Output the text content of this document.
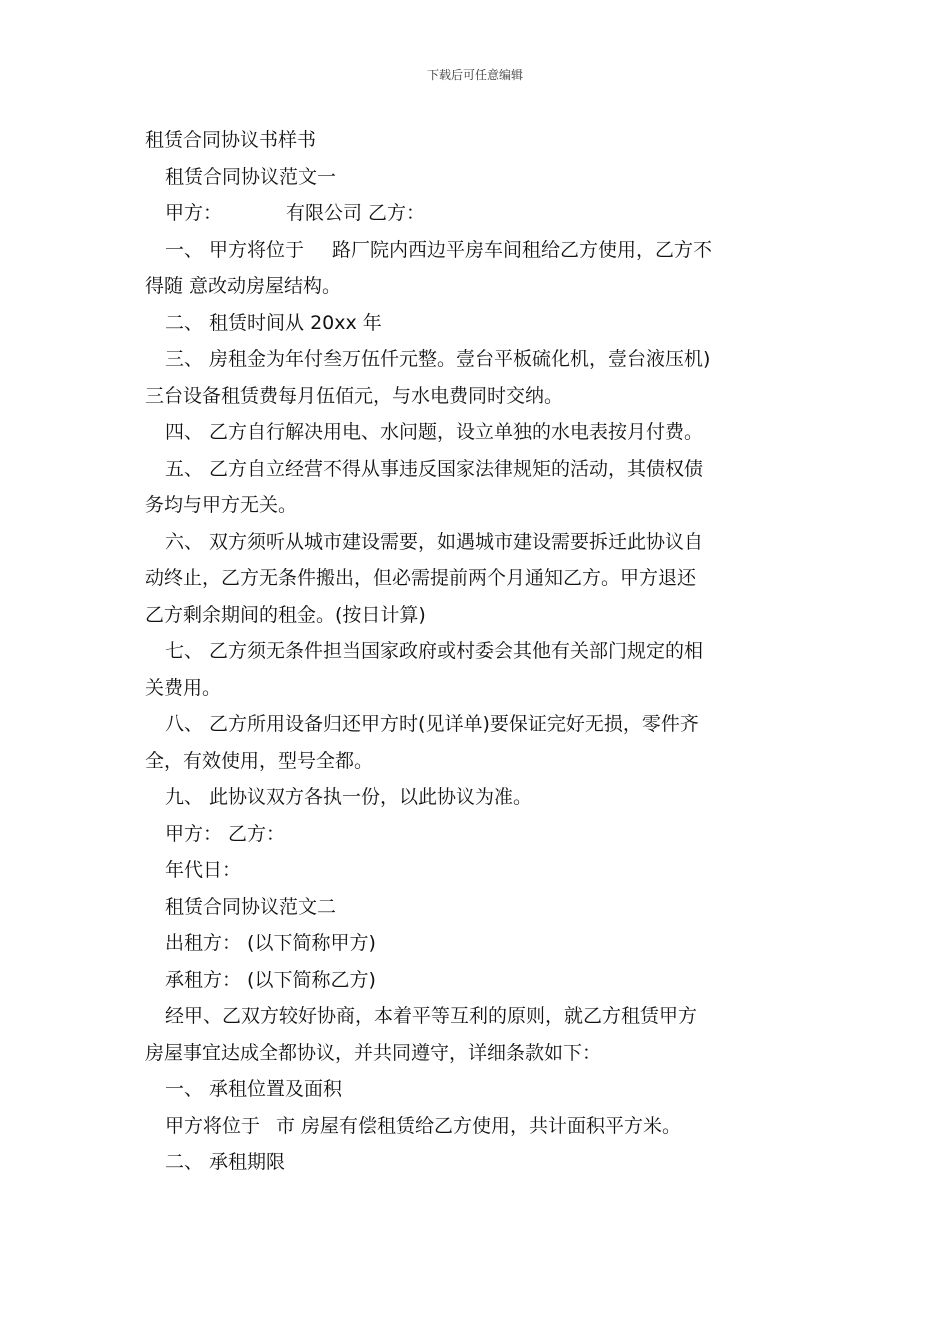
下载后可任意编辑
租赁合同协议书样书
租赁合同协议范文一
甲方：	有限公司 乙方：
一、 甲方将位于 路厂院内西边平房车间租给乙方使用，乙方不
得随 意改动房屋结构。
二、 租赁时间从 20xx 年
三、 房租金为年付叁万伍仟元整。壹台平板硫化机，壹台液压机)
三台设备租赁费每月伍佰元，与水电费同时交纳。
四、 乙方自行解决用电、水问题，设立单独的水电表按月付费。
五、 乙方自立经营不得从事违反国家法律规矩的活动，其债权债
务均与甲方无关。
六、 双方须听从城市建设需要，如遇城市建设需要拆迁此协议自
动终止，乙方无条件搬出，但必需提前两个月通知乙方。甲方退还
乙方剩余期间的租金。(按日计算)
七、 乙方须无条件担当国家政府或村委会其他有关部门规定的相
关费用。
八、 乙方所用设备归还甲方时(见详单)要保证完好无损，零件齐
全，有效使用，型号全都。
九、 此协议双方各执一份，以此协议为准。
甲方： 乙方：
年代日：
租赁合同协议范文二
出租方： (以下简称甲方)
承租方： (以下简称乙方)
经甲、乙双方较好协商，本着平等互利的原则，就乙方租赁甲方
房屋事宜达成全都协议，并共同遵守，详细条款如下：
一、 承租位置及面积
甲方将位于 市 房屋有偿租赁给乙方使用，共计面积平方米。
二、 承租期限
